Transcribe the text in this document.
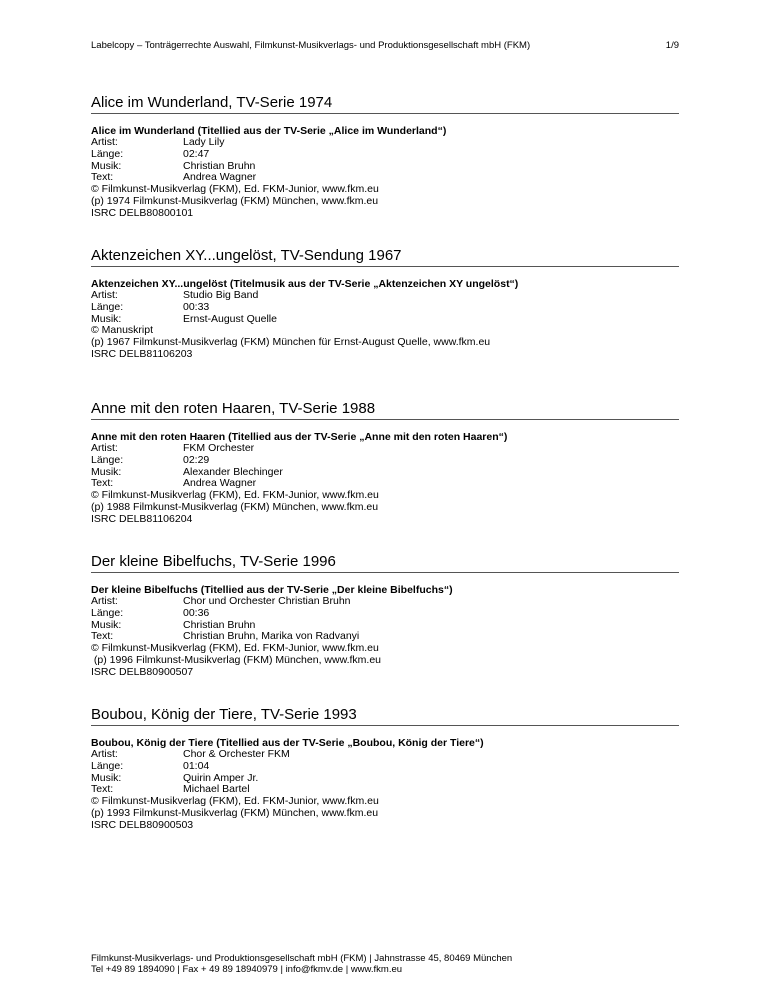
Labelcopy – Tonträgerrechte Auswahl, Filmkunst-Musikverlags- und Produktionsgesellschaft mbH (FKM)	1/9
Alice im Wunderland, TV-Serie 1974
Alice im Wunderland (Titellied aus der TV-Serie „Alice im Wunderland“)
Artist:	Lady Lily
Länge:	02:47
Musik:	Christian Bruhn
Text:	Andrea Wagner
© Filmkunst-Musikverlag (FKM), Ed. FKM-Junior, www.fkm.eu
(p) 1974 Filmkunst-Musikverlag (FKM) München, www.fkm.eu
ISRC DELB80800101
Aktenzeichen XY...ungelöst, TV-Sendung 1967
Aktenzeichen XY...ungelöst (Titelmusik aus der TV-Serie „Aktenzeichen XY ungelöst“)
Artist:	Studio Big Band
Länge:	00:33
Musik:	Ernst-August Quelle
© Manuskript
(p) 1967 Filmkunst-Musikverlag (FKM) München für Ernst-August Quelle, www.fkm.eu
ISRC DELB81106203
Anne mit den roten Haaren, TV-Serie 1988
Anne mit den roten Haaren (Titellied aus der TV-Serie „Anne mit den roten Haaren“)
Artist:	FKM Orchester
Länge:	02:29
Musik:	Alexander Blechinger
Text:	Andrea Wagner
© Filmkunst-Musikverlag (FKM), Ed. FKM-Junior, www.fkm.eu
(p) 1988 Filmkunst-Musikverlag (FKM) München, www.fkm.eu
ISRC DELB81106204
Der kleine Bibelfuchs, TV-Serie 1996
Der kleine Bibelfuchs (Titellied aus der TV-Serie „Der kleine Bibelfuchs“)
Artist:	Chor und Orchester Christian Bruhn
Länge:	00:36
Musik:	Christian Bruhn
Text:	Christian Bruhn, Marika von Radvanyi
© Filmkunst-Musikverlag (FKM), Ed. FKM-Junior, www.fkm.eu
(p) 1996 Filmkunst-Musikverlag (FKM) München, www.fkm.eu
ISRC DELB80900507
Boubou, König der Tiere, TV-Serie 1993
Boubou, König der Tiere (Titellied aus der TV-Serie „Boubou, König der Tiere“)
Artist:	Chor & Orchester FKM
Länge:	01:04
Musik:	Quirin Amper Jr.
Text:	Michael Bartel
© Filmkunst-Musikverlag (FKM), Ed. FKM-Junior, www.fkm.eu
(p) 1993 Filmkunst-Musikverlag (FKM) München, www.fkm.eu
ISRC DELB80900503
Filmkunst-Musikverlags- und Produktionsgesellschaft mbH (FKM) | Jahnstrasse 45, 80469 München
Tel +49 89 1894090 | Fax + 49 89 18940979 | info@fkmv.de | www.fkm.eu
